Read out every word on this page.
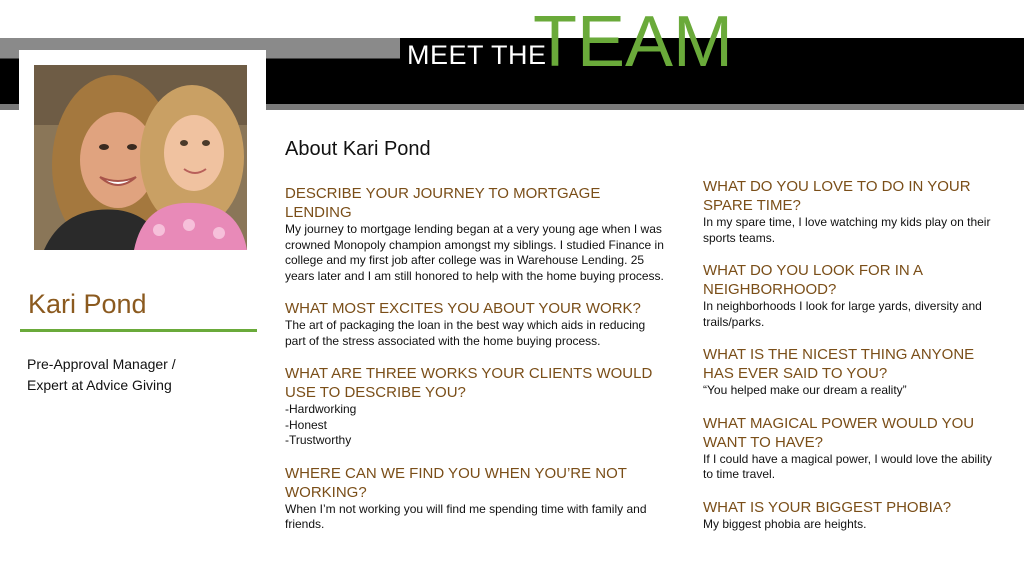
MEET THE
TEAM
Kari Pond
Pre-Approval Manager /
Expert at Advice Giving
About Kari Pond
DESCRIBE YOUR JOURNEY TO MORTGAGE LENDING
My journey to mortgage lending began at a very young age when I was crowned Monopoly champion amongst my siblings. I studied Finance in college and my first job after college was in Warehouse Lending. 25 years later and I am still honored to help with the home buying process.
WHAT MOST EXCITES YOU ABOUT YOUR WORK?
The art of packaging the loan in the best way which aids in reducing part of the stress associated with the home buying process.
WHAT ARE THREE WORKS YOUR CLIENTS WOULD USE TO DESCRIBE YOU?
-Hardworking
-Honest
-Trustworthy
WHERE CAN WE FIND YOU WHEN YOU’RE NOT WORKING?
When I’m not working you will find me spending time with family and friends.
WHAT DO YOU LOVE TO DO IN YOUR SPARE TIME?
In my spare time, I love watching my kids play on their sports teams.
WHAT DO YOU LOOK FOR IN A NEIGHBORHOOD?
In neighborhoods I look for large yards, diversity and trails/parks.
WHAT IS THE NICEST THING ANYONE HAS EVER SAID TO YOU?
“You helped make our dream a reality”
WHAT MAGICAL POWER WOULD YOU WANT TO HAVE?
If I could have a magical power, I would love the ability to time travel.
WHAT IS YOUR BIGGEST PHOBIA?
My biggest phobia are heights.
